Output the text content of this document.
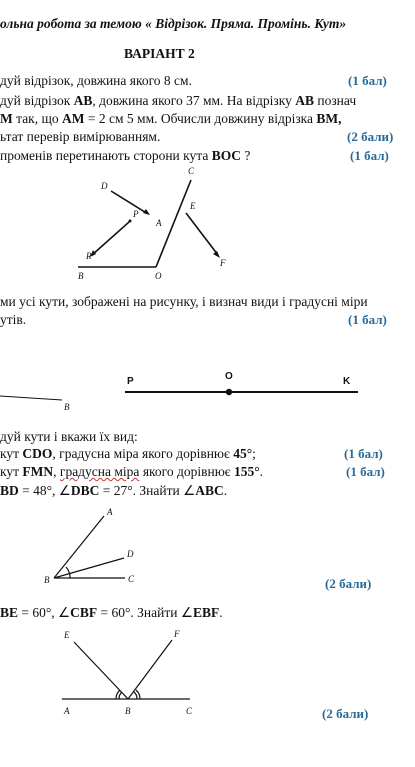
ольна робота за темою « Відрізок. Пряма. Промінь. Кут»
ВАРІАНТ 2
дуй відрізок, довжина якого 8 см.	(1 бал)
дуй відрізок AB, довжина якого 37 мм. На відрізку AB познач
M так, що AM = 2 см 5 мм. Обчисли довжину відрізка BM,
ьтат перевір вимірюванням.	(2 бали)
променів перетинають сторони кута BOC ?	(1 бал)
C
D
E
P
A
R
B	O
F
ми усі кути, зображені на рисунку, і визнач види і градусні міри
утів.	(1 бал)
B
P	O	K
дуй кути і вкажи їх вид:
кут CDO, градусна міра якого дорівнює 45°;	(1 бал)
кут FMN, градусна міра якого дорівнює 155°.	(1 бал)
BD = 48°, ∠DBC = 27°. Знайти ∠ABC.
A
D
C
B	(2 бали)
BE = 60°, ∠CBF = 60°. Знайти ∠EBF.
E	F
A	B	C	(2 бали)
